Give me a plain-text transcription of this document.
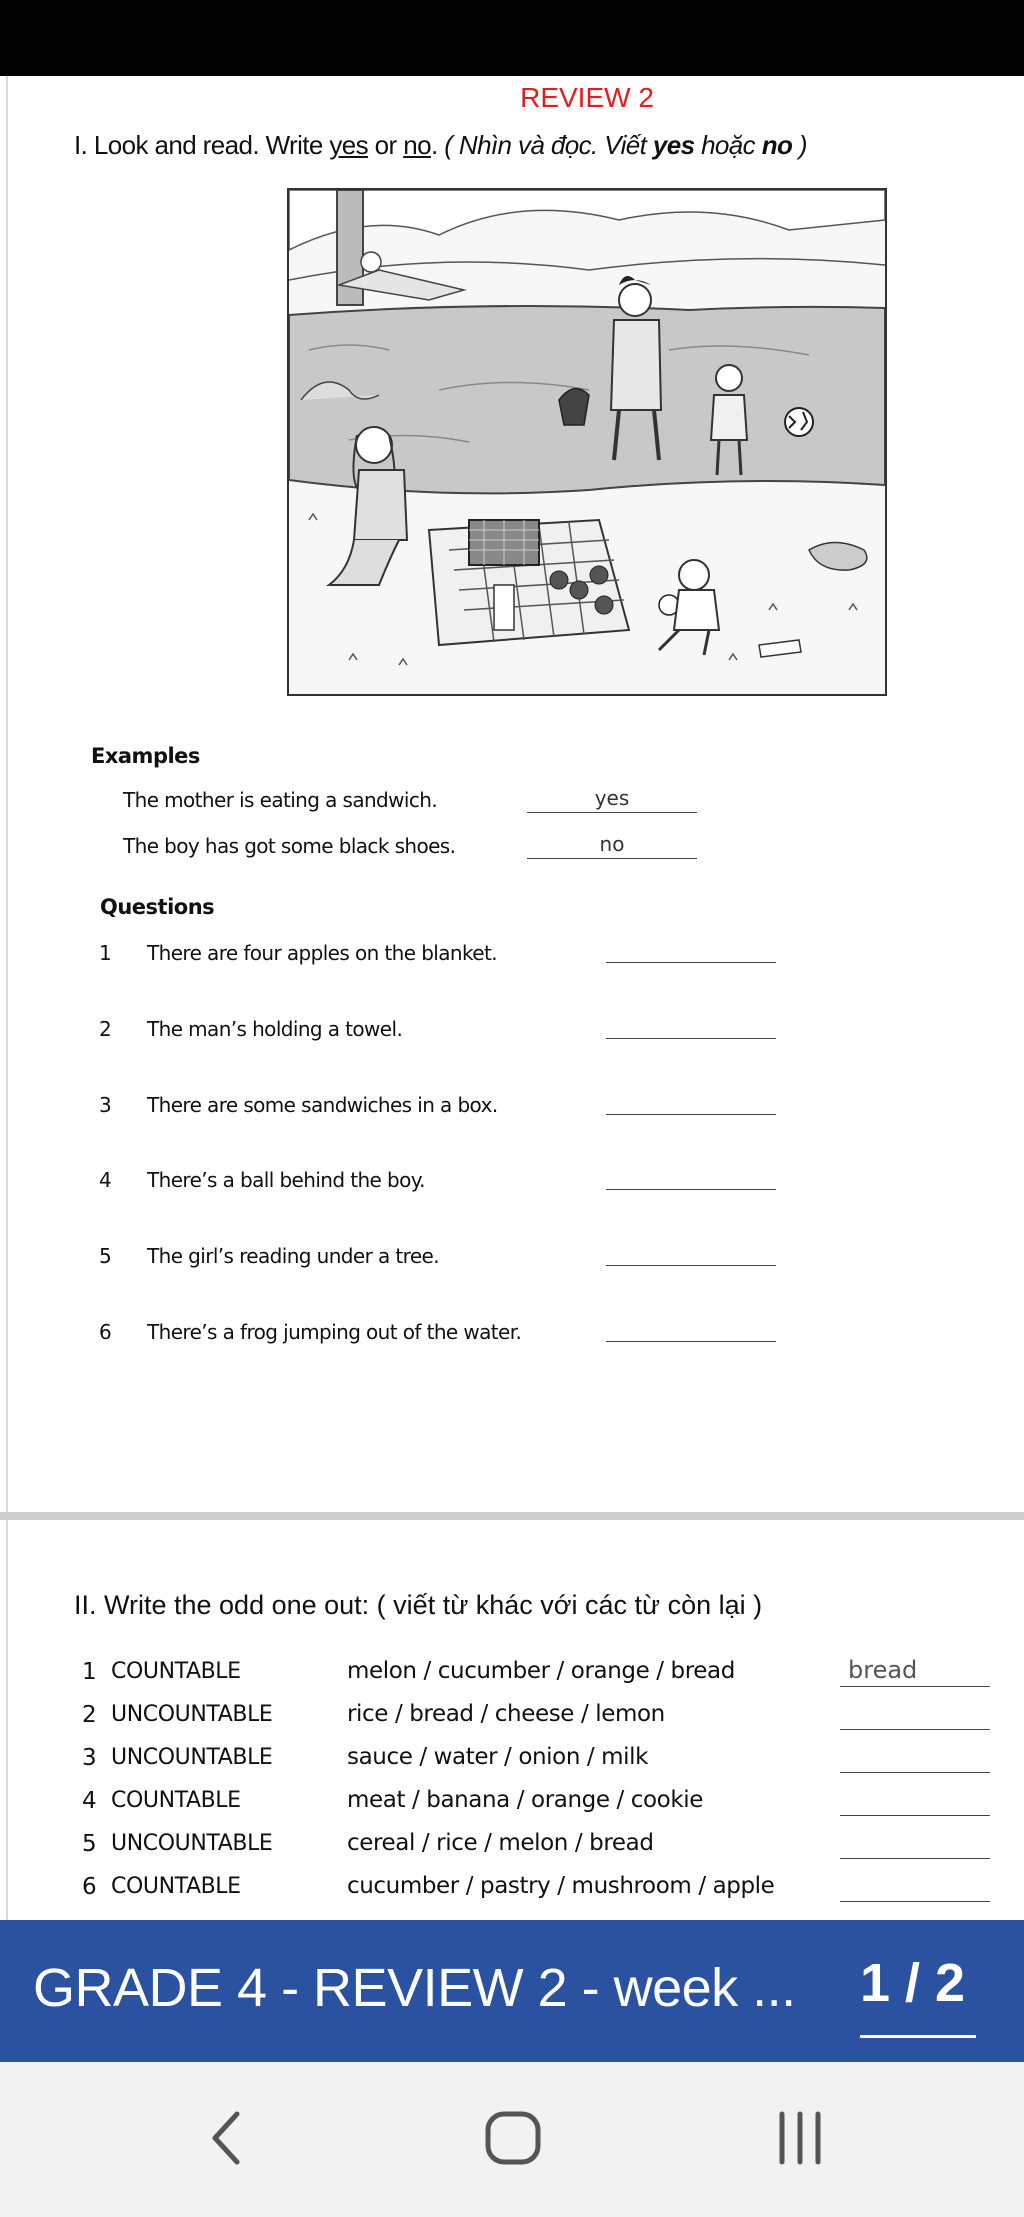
REVIEW 2
I. Look and read. Write yes or no. ( Nhìn và đọc. Viết yes hoặc no )
Examples
The mother is eating a sandwich.	yes
The boy has got some black shoes.	no
Questions
1 There are four apples on the blanket.
2 The man’s holding a towel.
3 There are some sandwiches in a box.
4 There’s a ball behind the boy.
5 The girl’s reading under a tree.
6 There’s a frog jumping out of the water.
II. Write the odd one out: ( viết từ khác với các từ còn lại )
1 COUNTABLE	melon / cucumber / orange / bread	bread
2 UNCOUNTABLE	rice / bread / cheese / lemon
3 UNCOUNTABLE	sauce / water / onion / milk
4 COUNTABLE	meat / banana / orange / cookie
5 UNCOUNTABLE	cereal / rice / melon / bread
6 COUNTABLE	cucumber / pastry / mushroom / apple
GRADE 4 - REVIEW 2 - week ... 1 / 2
